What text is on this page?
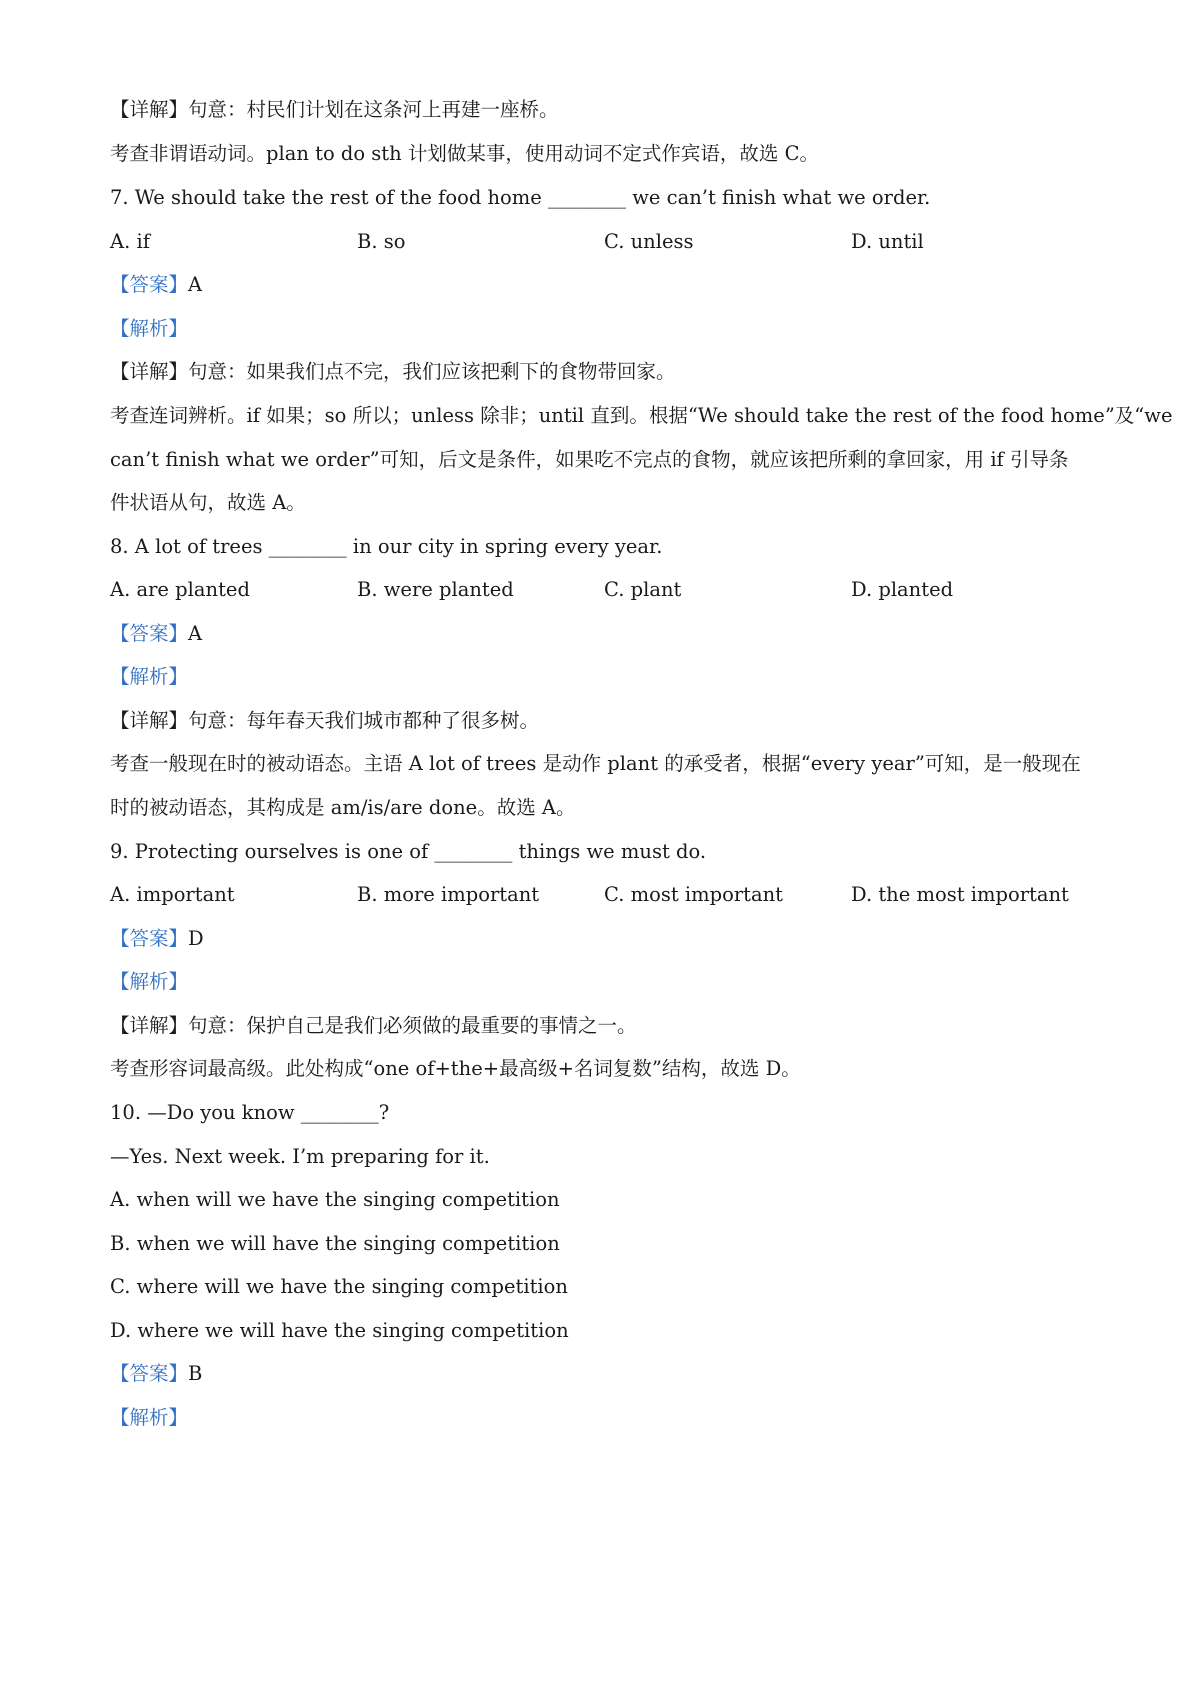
【详解】句意：村民们计划在这条河上再建一座桥。
考查非谓语动词。plan to do sth 计划做某事，使用动词不定式作宾语，故选 C。
7. We should take the rest of the food home ________ we can’t finish what we order.
A. if	B. so	C. unless	D. until
【答案】A
【解析】
【详解】句意：如果我们点不完，我们应该把剩下的食物带回家。
考查连词辨析。if 如果；so 所以；unless 除非；until 直到。根据“We should take the rest of the food home”及“we
can’t finish what we order”可知，后文是条件，如果吃不完点的食物，就应该把所剩的拿回家，用 if 引导条
件状语从句，故选 A。
8. A lot of trees ________ in our city in spring every year.
A. are planted	B. were planted	C. plant	D. planted
【答案】A
【解析】
【详解】句意：每年春天我们城市都种了很多树。
考查一般现在时的被动语态。主语 A lot of trees 是动作 plant 的承受者，根据“every year”可知，是一般现在
时的被动语态，其构成是 am/is/are done。故选 A。
9. Protecting ourselves is one of ________ things we must do.
A. important	B. more important	C. most important	D. the most important
【答案】D
【解析】
【详解】句意：保护自己是我们必须做的最重要的事情之一。
考查形容词最高级。此处构成“one of+the+最高级+名词复数”结构，故选 D。
10. —Do you know ________?
—Yes. Next week. I’m preparing for it.
A. when will we have the singing competition
B. when we will have the singing competition
C. where will we have the singing competition
D. where we will have the singing competition
【答案】B
【解析】
